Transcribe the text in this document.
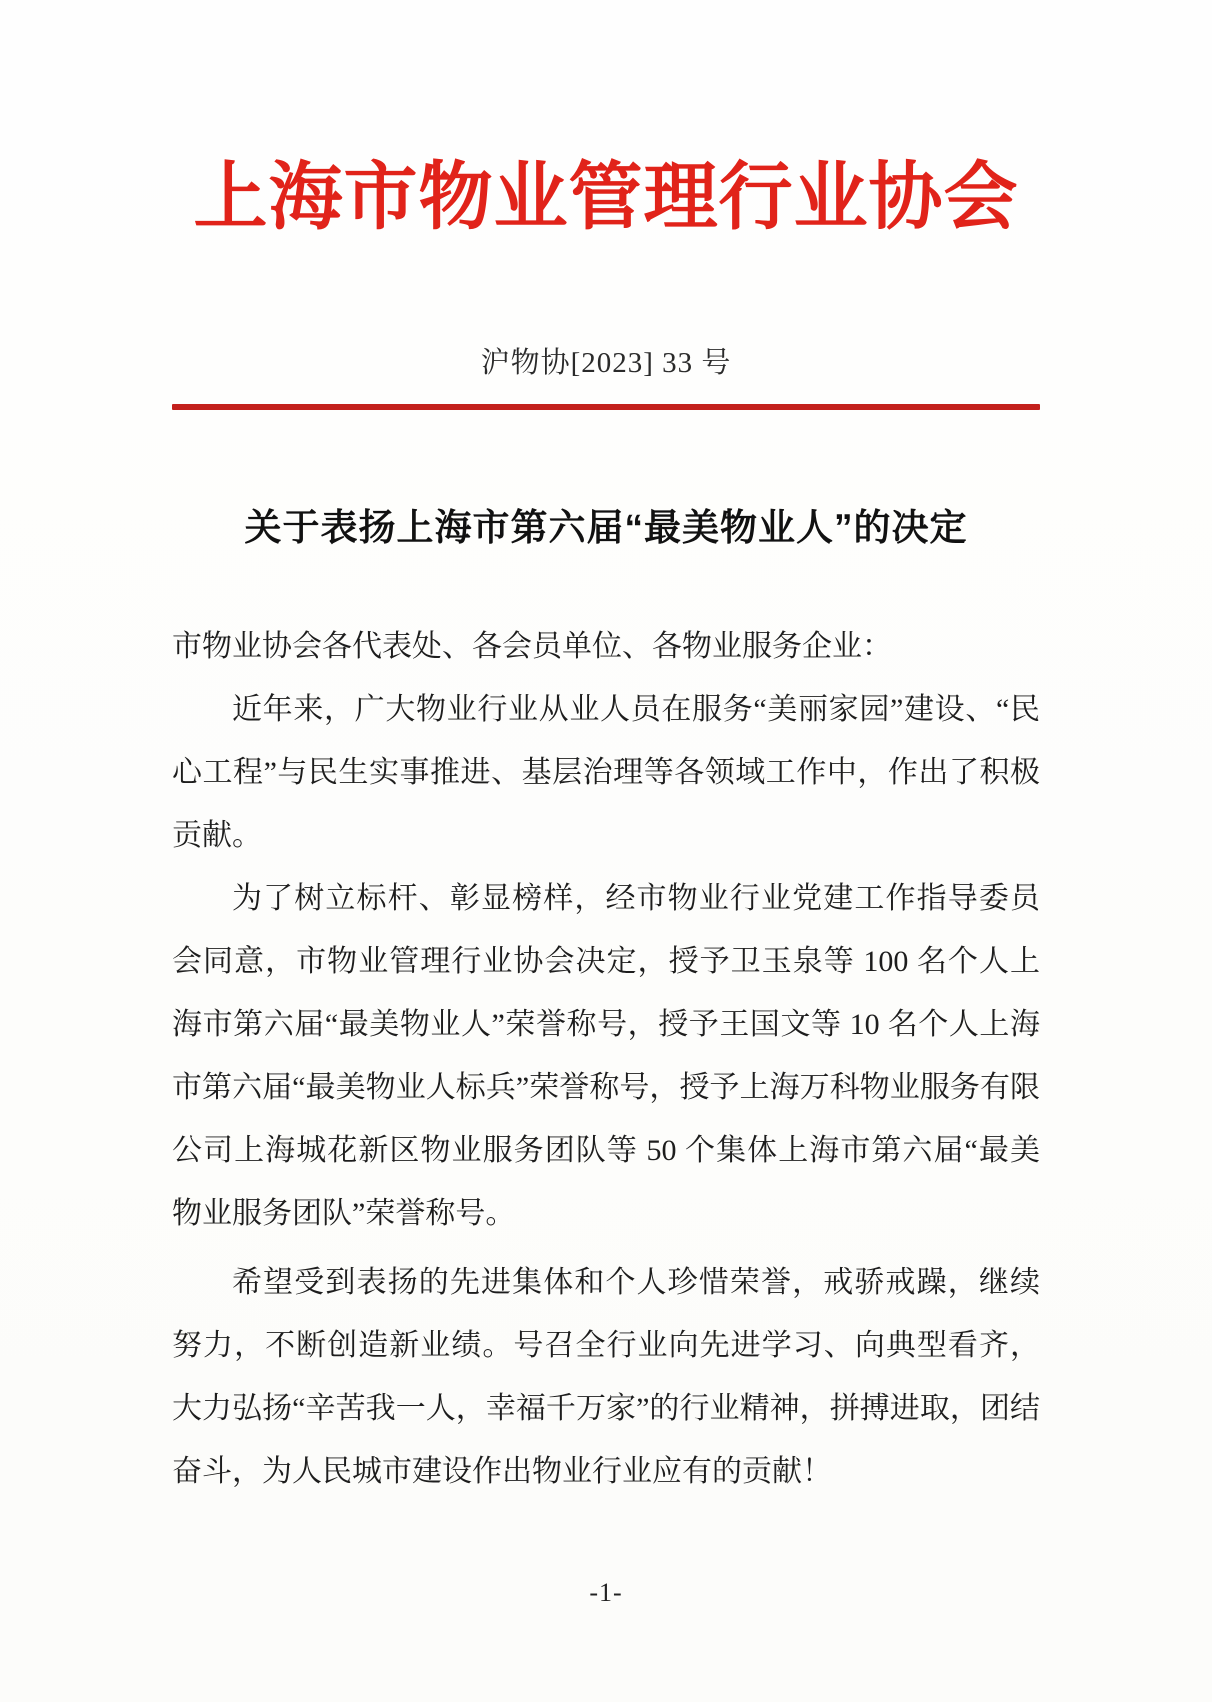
上海市物业管理行业协会
沪物协[2023] 33 号
关于表扬上海市第六届“最美物业人”的决定

市物业协会各代表处、各会员单位、各物业服务企业：

近年来，广大物业行业从业人员在服务“美丽家园”建设、“民心工程”与民生实事推进、基层治理等各领域工作中，作出了积极贡献。

为了树立标杆、彰显榜样，经市物业行业党建工作指导委员会同意，市物业管理行业协会决定，授予卫玉泉等 100 名个人上海市第六届“最美物业人”荣誉称号，授予王国文等 10 名个人上海市第六届“最美物业人标兵”荣誉称号，授予上海万科物业服务有限公司上海城花新区物业服务团队等 50 个集体上海市第六届“最美物业服务团队”荣誉称号。

希望受到表扬的先进集体和个人珍惜荣誉，戒骄戒躁，继续努力，不断创造新业绩。号召全行业向先进学习、向典型看齐，大力弘扬“辛苦我一人，幸福千万家”的行业精神，拼搏进取，团结奋斗，为人民城市建设作出物业行业应有的贡献！

-1-
